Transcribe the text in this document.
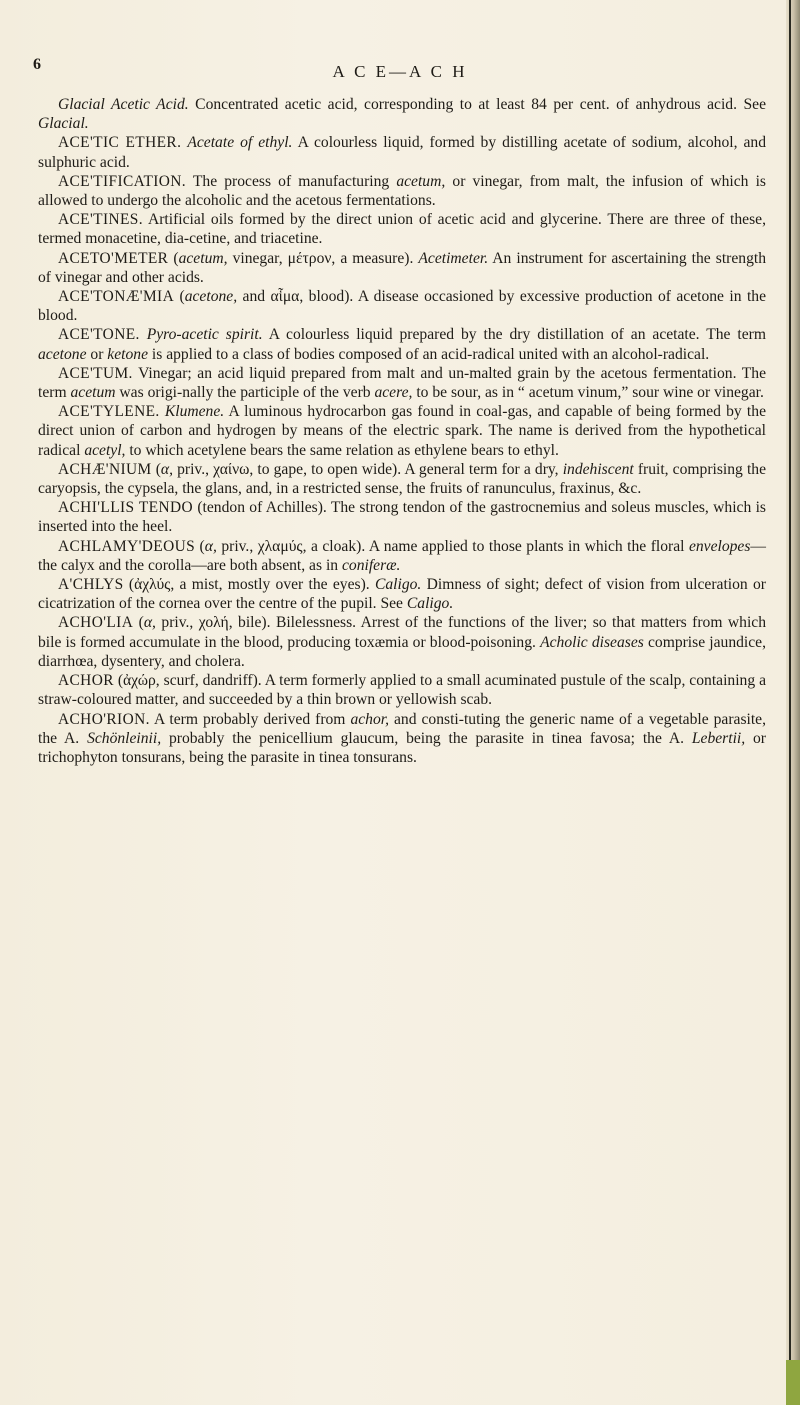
6	A C E—A C H

Glacial Acetic Acid. Concentrated acetic acid, corresponding to at least 84 per cent. of anhydrous acid. See Glacial.

ACE'TIC ETHER. Acetate of ethyl. A colourless liquid, formed by distilling acetate of sodium, alcohol, and sulphuric acid.

ACE'TIFICATION. The process of manufacturing acetum, or vinegar, from malt, the infusion of which is allowed to undergo the alcoholic and the acetous fermentations.

ACE'TINES. Artificial oils formed by the direct union of acetic acid and glycerine. There are three of these, termed monacetine, dia-cetine, and triacetine.

ACETO'METER (acetum, vinegar, μέτρον, a measure). Acetimeter. An instrument for ascertaining the strength of vinegar and other acids.

ACE'TONÆ'MIA (acetone, and αἷμα, blood). A disease occasioned by excessive production of acetone in the blood.

ACE'TONE. Pyro-acetic spirit. A colourless liquid prepared by the dry distillation of an acetate. The term acetone or ketone is applied to a class of bodies composed of an acid-radical united with an alcohol-radical.

ACE'TUM. Vinegar; an acid liquid prepared from malt and un-malted grain by the acetous fermentation. The term acetum was origi-nally the participle of the verb acere, to be sour, as in “ acetum vinum,” sour wine or vinegar.

ACE'TYLENE. Klumene. A luminous hydrocarbon gas found in coal-gas, and capable of being formed by the direct union of carbon and hydrogen by means of the electric spark. The name is derived from the hypothetical radical acetyl, to which acetylene bears the same relation as ethylene bears to ethyl.

ACHÆ'NIUM (α, priv., χαίνω, to gape, to open wide). A general term for a dry, indehiscent fruit, comprising the caryopsis, the cypsela, the glans, and, in a restricted sense, the fruits of ranunculus, fraxinus, &c.

ACHI'LLIS TENDO (tendon of Achilles). The strong tendon of the gastrocnemius and soleus muscles, which is inserted into the heel.

ACHLAMY'DEOUS (α, priv., χλαμύς, a cloak). A name applied to those plants in which the floral envelopes—the calyx and the corolla—are both absent, as in coniferæ.

A'CHLYS (ἀχλύς, a mist, mostly over the eyes). Caligo. Dimness of sight; defect of vision from ulceration or cicatrization of the cornea over the centre of the pupil. See Caligo.

ACHO'LIA (α, priv., χολή, bile). Bilelessness. Arrest of the functions of the liver; so that matters from which bile is formed accumulate in the blood, producing toxæmia or blood-poisoning. Acholic diseases comprise jaundice, diarrhœa, dysentery, and cholera.

ACHOR (ἀχώρ, scurf, dandriff). A term formerly applied to a small acuminated pustule of the scalp, containing a straw-coloured matter, and succeeded by a thin brown or yellowish scab.

ACHO'RION. A term probably derived from achor, and consti-tuting the generic name of a vegetable parasite, the A. Schönleinii, probably the penicellium glaucum, being the parasite in tinea favosa; the A. Lebertii, or trichophyton tonsurans, being the parasite in tinea tonsurans.
